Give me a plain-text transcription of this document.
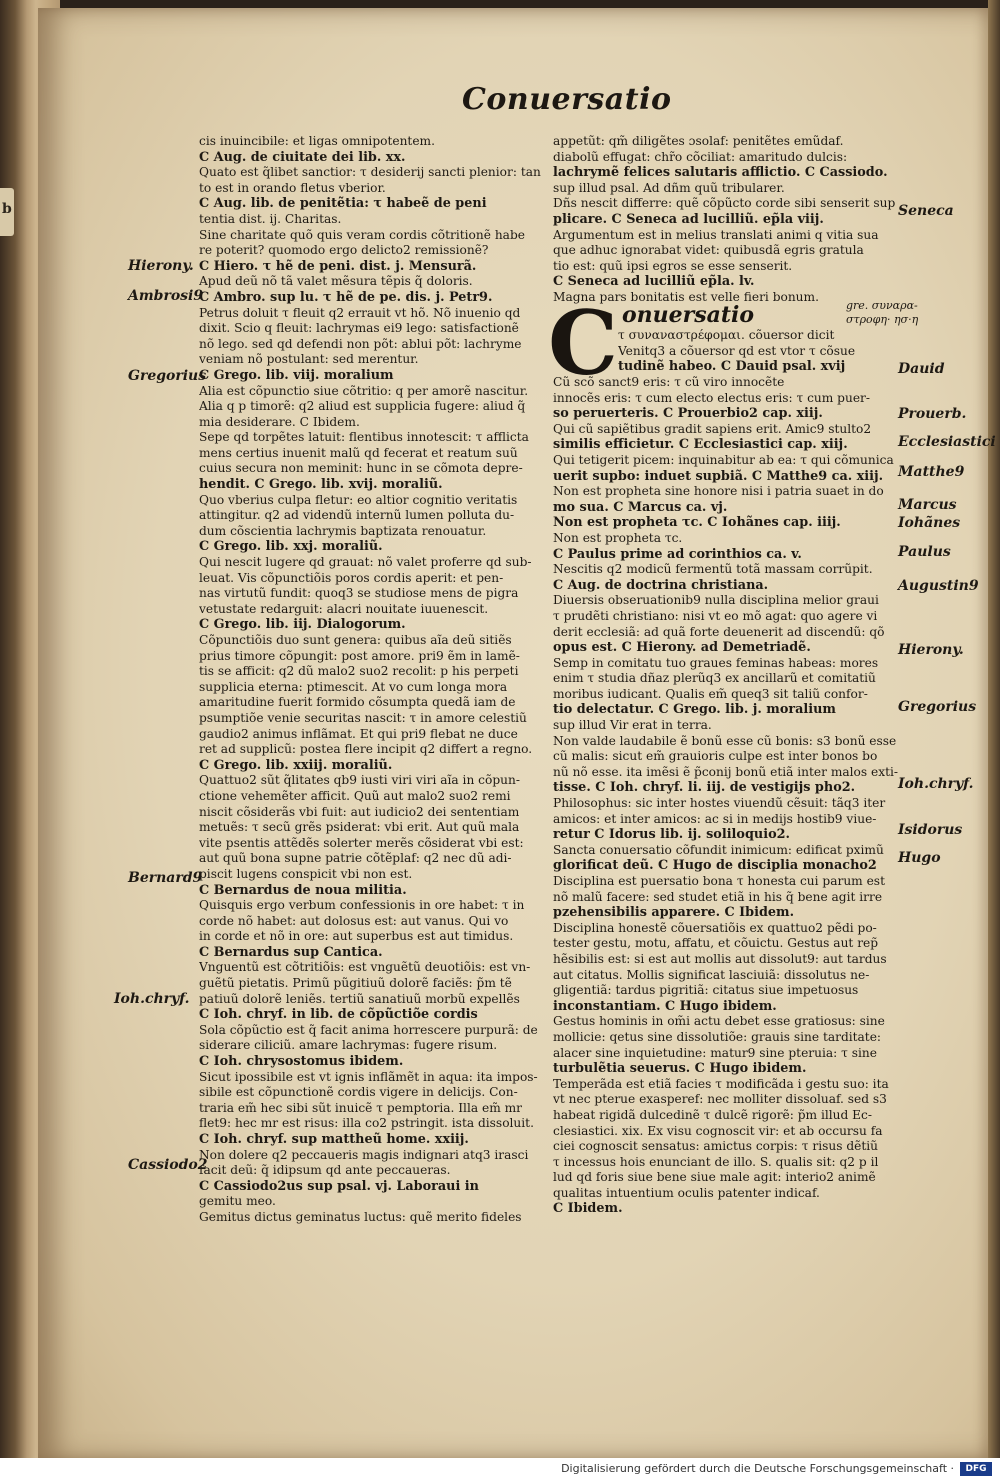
b
Conuersatio
cis inuincibile: et ligas omnipotentem.
C Aug. de ciuitate dei lib. xx.
Quato est q̃libet sanctior: τ desiderij sancti plenior: tan
to est in orando fletus vberior.
C Aug. lib. de penitẽtia: τ habeẽ de peni
tentia dist. ij. Charitas.
Sine charitate quõ quis veram cordis cõtritionẽ habe
re poterit? quomodo ergo delicto2 remissionẽ?
C Hiero. τ hẽ de peni. dist. j. Mensurã.
Apud deũ nõ tã valet mẽsura tẽpis q̃ doloris.
C Ambro. sup lu. τ hẽ de pe. dis. j. Petr9.
Petrus doluit τ fleuit q2 errauit vt hõ. Nõ inuenio qd
dixit. Scio q fleuit: lachrymas ei9 lego: satisfactionẽ
nõ lego. sed qd defendi non põt: ablui põt: lachryme
veniam nõ postulant: sed merentur.
C Grego. lib. viij. moralium
Alia est cõpunctio siue cõtritio: q per amorẽ nascitur.
Alia q p timorẽ: q2 aliud est supplicia fugere: aliud q̃
mia desiderare. C Ibidem.
Sepe qd torpẽtes latuit: flentibus innotescit: τ afflicta
mens certius inuenit malũ qd fecerat et reatum suũ
cuius secura non meminit: hunc in se cõmota depre-
hendit. C Grego. lib. xvij. moraliũ.
Quo vberius culpa fletur: eo altior cognitio veritatis
attingitur. q2 ad videndũ internũ lumen polluta du-
dum cõscientia lachrymis baptizata renouatur.
C Grego. lib. xxj. moraliũ.
Qui nescit lugere qd grauat: nõ valet proferre qd sub-
leuat. Vis cõpunctiõis poros cordis aperit: et pen-
nas virtutũ fundit: quoq3 se studiose mens de pigra
vetustate redarguit: alacri nouitate iuuenescit.
C Grego. lib. iij. Dialogorum.
Cõpunctiõis duo sunt genera: quibus aĩa deũ sitiẽs
prius timore cõpungit: post amore. pri9 ẽm in lamẽ-
tis se afficit: q2 dũ malo2 suo2 recolit: p his perpeti
supplicia eterna: ptimescit. At vo cum longa mora
amaritudine fuerit formido cõsumpta quedã iam de
psumptiõe venie securitas nascit: τ in amore celestiũ
gaudio2 animus inflãmat. Et qui pri9 flebat ne duce
ret ad supplicũ: postea flere incipit q2 differt a regno.
C Grego. lib. xxiij. moraliũ.
Quattuo2 sũt q̃litates qb9 iusti viri viri aĩa in cõpun-
ctione vehemẽter afficit. Quũ aut malo2 suo2 remi
niscit cõsiderãs vbi fuit: aut iudicio2 dei sententiam
metuẽs: τ secũ grẽs psiderat: vbi erit. Aut quũ mala
vite psentis attẽdẽs solerter merẽs cõsiderat vbi est:
aut quũ bona supne patrie cõtẽplaf: q2 nec dũ adi-
piscit lugens conspicit vbi non est.
C Bernardus de noua militia.
Quisquis ergo verbum confessionis in ore habet: τ in
corde nõ habet: aut dolosus est: aut vanus. Qui vo
in corde et nõ in ore: aut superbus est aut timidus.
C Bernardus sup Cantica.
Vnguentũ est cõtritiõis: est vnguẽtũ deuotiõis: est vn-
guẽtũ pietatis. Primũ pũgitiuũ dolorẽ faciẽs: p̃m tẽ
patiuũ dolorẽ leniẽs. tertiũ sanatiuũ morbũ expellẽs
C Ioh. chryf. in lib. de cõpũctiõe cordis
Sola cõpũctio est q̃ facit anima horrescere purpurã: de
siderare ciliciũ. amare lachrymas: fugere risum.
C Ioh. chrysostomus ibidem.
Sicut ipossibile est vt ignis inflãmẽt in aqua: ita impos-
sibile est cõpunctionẽ cordis vigere in delicijs. Con-
traria em̃ hec sibi sũt inuicẽ τ pemptoria. Illa em̃ mr
flet9: hec mr est risus: illa co2 pstringit. ista dissoluit.
C Ioh. chryf. sup mattheũ home. xxiij.
Non dolere q2 peccaueris magis indignari atq3 irasci
facit deũ: q̃ idipsum qd ante peccaueras.
C Cassiodo2us sup psal. vj. Laboraui in
gemitu meo.
Gemitus dictus geminatus luctus: quẽ merito fideles
appetũt: qm̃ diligẽtes ɔsolaf: penitẽtes emũdaf.
diabolũ effugat: chr̃o cõciliat: amaritudo dulcis:
lachrymẽ felices salutaris afflictio. C Cassiodo.
sup illud psal. Ad dñm quũ tribularer.
Dñs nescit differre: quẽ cõpũcto corde sibi senserit sup
plicare. C Seneca ad lucilliũ. ep̃la viij.
Argumentum est in melius translati animi q vitia sua
que adhuc ignorabat videt: quibusdã egris gratula
tio est: quũ ipsi egros se esse senserit.
C Seneca ad lucilliũ ep̃la. lv.
Magna pars bonitatis est velle fieri bonum.
C onuersatio	gre. συναρα-
στροφη· ησ·η
τ συναναστρέφομαι. cõuersor dicit
Venitq3 a cõuersor qd est vtor τ cõsue
tudinẽ habeo. C Dauid psal. xvij
Cũ scõ sanct9 eris: τ cũ viro innocẽte
innocẽs eris: τ cum electo electus eris: τ cum puer-
so peruerteris. C Prouerbio2 cap. xiij.
Qui cũ sapiẽtibus gradit sapiens erit. Amic9 stulto2
similis efficietur. C Ecclesiastici cap. xiij.
Qui tetigerit picem: inquinabitur ab ea: τ qui cõmunica
uerit supbo: induet supbiã. C Matthe9 ca. xiij.
Non est propheta sine honore nisi i patria suaet in do
mo sua. C Marcus ca. vj.
Non est propheta τc. C Iohãnes cap. iiij.
Non est propheta τc.
C Paulus prime ad corinthios ca. v.
Nescitis q2 modicũ fermentũ totã massam corrũpit.
C Aug. de doctrina christiana.
Diuersis obseruationib9 nulla disciplina melior graui
τ prudẽti christiano: nisi vt eo mõ agat: quo agere vi
derit ecclesiã: ad quã forte deuenerit ad discendũ: qõ
opus est. C Hierony. ad Demetriadẽ.
Semp in comitatu tuo graues feminas habeas: mores
enim τ studia dñaz plerũq3 ex ancillarũ et comitatiũ
moribus iudicant. Qualis em̃ queq3 sit taliũ confor-
tio delectatur. C Grego. lib. j. moralium
sup illud Vir erat in terra.
Non valde laudabile ẽ bonũ esse cũ bonis: s3 bonũ esse
cũ malis: sicut em̃ grauioris culpe est inter bonos bo
nũ nõ esse. ita imẽsi ẽ p̃conij bonũ etiã inter malos exti-
tisse. C Ioh. chryf. li. iij. de vestigijs pho2.
Philosophus: sic inter hostes viuendũ cẽsuit: tãq3 iter
amicos: et inter amicos: ac si in medijs hostib9 viue-
retur C Idorus lib. ij. soliloquio2.
Sancta conuersatio cõfundit inimicum: edificat pximũ
glorificat deũ. C Hugo de disciplia monacho2
Disciplina est puersatio bona τ honesta cui parum est
nõ malũ facere: sed studet etiã in his q̃ bene agit irre
pzehensibilis apparere. C Ibidem.
Disciplina honestẽ cõuersatiõis ex quattuo2 pẽdi po-
tester gestu, motu, affatu, et cõuictu. Gestus aut rep̃
hẽsibilis est: si est aut mollis aut dissolut9: aut tardus
aut citatus. Mollis significat lasciuiã: dissolutus ne-
gligentiã: tardus pigritiã: citatus siue impetuosus
inconstantiam. C Hugo ibidem.
Gestus hominis in om̃i actu debet esse gratiosus: sine
mollicie: qetus sine dissolutiõe: grauis sine tarditate:
alacer sine inquietudine: matur9 sine pteruia: τ sine
turbulẽtia seuerus. C Hugo ibidem.
Temperãda est etiã facies τ modificãda i gestu suo: ita
vt nec pterue exasperef: nec molliter dissoluaf. sed s3
habeat rigidã dulcedinẽ τ dulcẽ rigorẽ: p̃m illud Ec-
clesiastici. xix. Ex visu cognoscit vir: et ab occursu fa
ciei cognoscit sensatus: amictus corpis: τ risus dẽtiũ
τ incessus hois enunciant de illo. S. qualis sit: q2 p il
lud qd foris siue bene siue male agit: interio2 animẽ
qualitas intuentium oculis patenter indicaf.
C Ibidem.
Hierony.
Ambrosi9
Gregorius
Bernard9
Ioh.chryf.
Cassiodo2
Seneca
Dauid
Prouerb.
Ecclesiastici
Matthe9
Marcus
Iohãnes
Paulus
Augustin9
Hierony.
Gregorius
Ioh.chryf.
Isidorus
Hugo
Digitalisierung gefördert durch die Deutsche Forschungsgemeinschaft ·	DFG
